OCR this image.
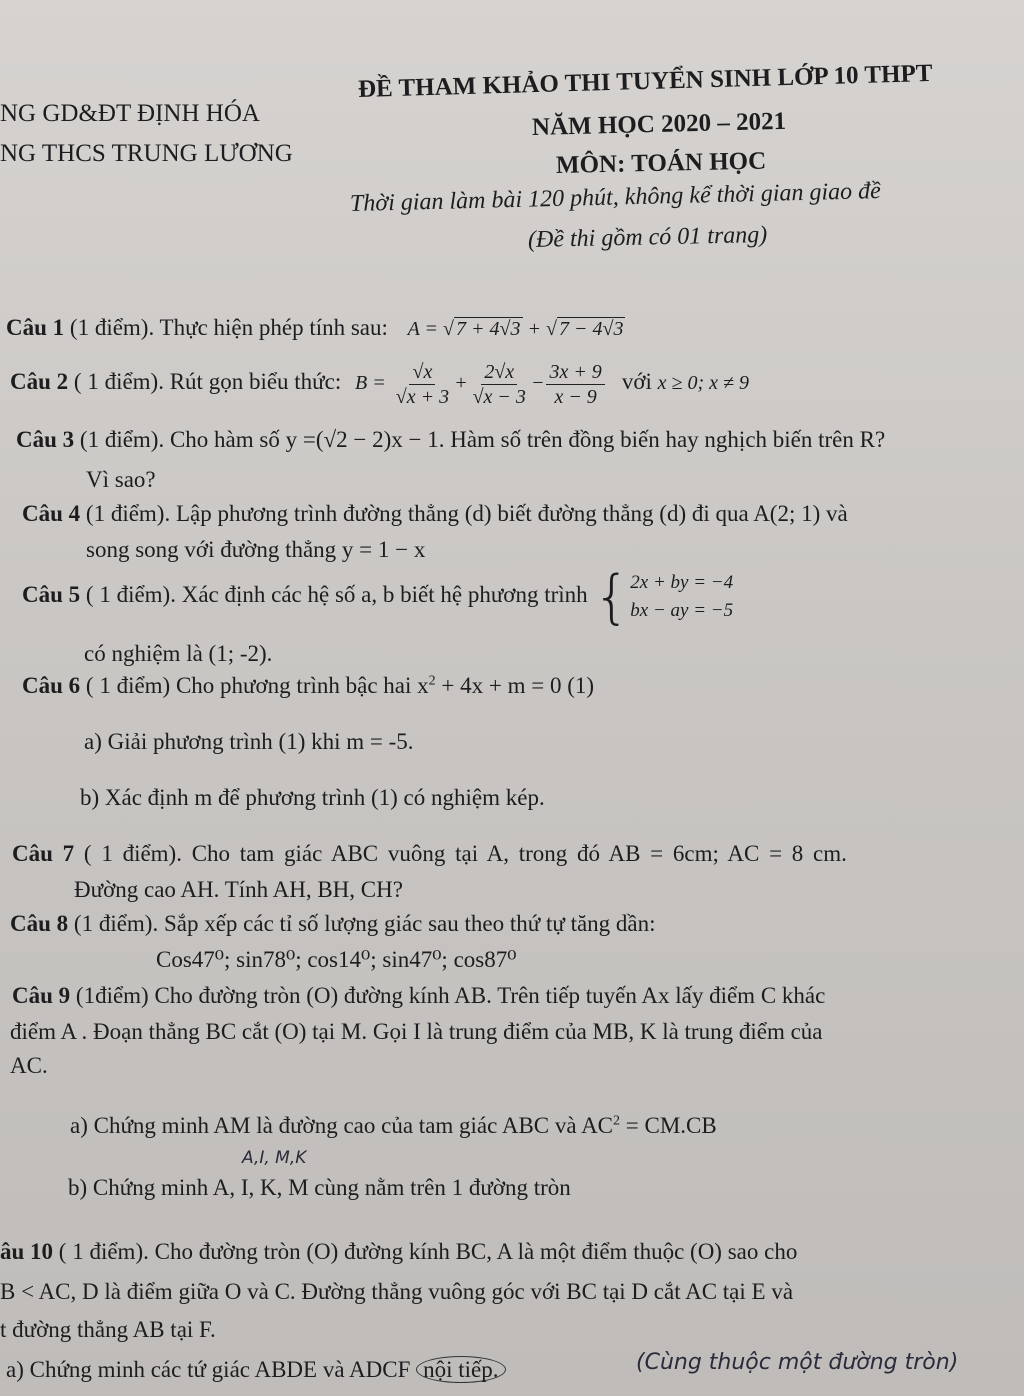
NG GD&ĐT ĐỊNH HÓA
NG THCS TRUNG LƯƠNG
ĐỀ THAM KHẢO THI TUYỂN SINH LỚP 10 THPT
NĂM HỌC 2020 – 2021
MÔN: TOÁN HỌC
Thời gian làm bài 120 phút, không kể thời gian giao đề
(Đề thi gồm có 01 trang)
Câu 1 (1 điểm). Thực hiện phép tính sau: A = √ 7 + 4√3 + √ 7 − 4√3
Câu 2 ( 1 điểm). Rút gọn biểu thức: $B = \frac{√x}{√x + 3} + \frac{2√x}{√x - 3} - \frac{3x + 9}{x - 9}$ với x ≥ 0; x ≠ 9
Câu 3 (1 điểm). Cho hàm số y =(√2 − 2)x − 1. Hàm số trên đồng biến hay nghịch biến trên R?
Vì sao?
Câu 4 (1 điểm). Lập phương trình đường thẳng (d) biết đường thẳng (d) đi qua A(2; 1) và
song song với đường thẳng y = 1 − x
Câu 5 ( 1 điểm). Xác định các hệ số a, b biết hệ phương trình { 2x + by = −4
bx − ay = −5
có nghiệm là (1; -2).
Câu 6 ( 1 điểm) Cho phương trình bậc hai $x^2 + 4x + m = 0$ (1)
a) Giải phương trình (1) khi m = -5.
b) Xác định m để phương trình (1) có nghiệm kép.
Câu 7 ( 1 điểm). Cho tam giác ABC vuông tại A, trong đó AB = 6cm; AC = 8 cm.
Đường cao AH. Tính AH, BH, CH?
Câu 8 (1 điểm). Sắp xếp các tỉ số lượng giác sau theo thứ tự tăng dần:
Cos47⁰; sin78⁰; cos14⁰; sin47⁰; cos87⁰
Câu 9 (1điểm) Cho đường tròn (O) đường kính AB. Trên tiếp tuyến Ax lấy điểm C khác
điểm A . Đoạn thẳng BC cắt (O) tại M. Gọi I là trung điểm của MB, K là trung điểm của
AC.
a) Chứng minh AM là đường cao của tam giác ABC và $AC^2 = CM.CB$
A,I, M,K
b) Chứng minh A, I, K, M cùng nằm trên 1 đường tròn
âu 10 ( 1 điểm). Cho đường tròn (O) đường kính BC, A là một điểm thuộc (O) sao cho
B < AC, D là điểm giữa O và C. Đường thẳng vuông góc với BC tại D cắt AC tại E và
t đường thẳng AB tại F.
a) Chứng minh các tứ giác ABDE và ADCF nội tiếp.	(Cùng thuộc một đường tròn)
